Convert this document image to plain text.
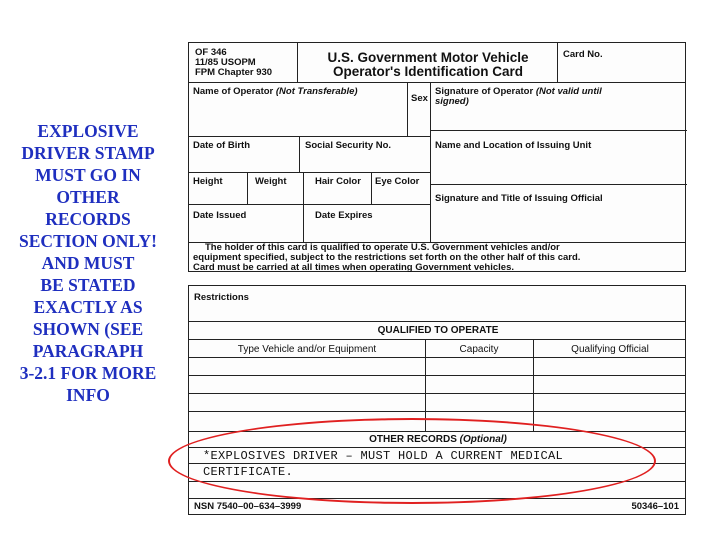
EXPLOSIVE
DRIVER STAMP
MUST GO IN
OTHER
RECORDS
SECTION ONLY!
AND MUST
BE STATED
EXACTLY AS
SHOWN (SEE
PARAGRAPH
3-2.1 FOR MORE
INFO
OF 346
11/85 USOPM
FPM Chapter 930
U.S. Government Motor Vehicle
Operator's Identification Card
Card No.
Name of Operator (Not Transferable)
Sex
Date of Birth	Social Security No.
Height	Weight	Hair Color Eye Color
Date Issued	Date Expires
Signature of Operator (Not valid until
signed)
Name and Location of Issuing Unit
Signature and Title of Issuing Official
The holder of this card is qualified to operate U.S. Government vehicles and/or
equipment specified, subject to the restrictions set forth on the other half of this card.
Card must be carried at all times when operating Government vehicles.
Restrictions
QUALIFIED TO OPERATE
Type Vehicle and/or Equipment	Capacity	Qualifying Official
OTHER RECORDS (Optional)
*EXPLOSIVES DRIVER – MUST HOLD A CURRENT MEDICAL
CERTIFICATE.
NSN 7540–00–634–3999	50346–101
